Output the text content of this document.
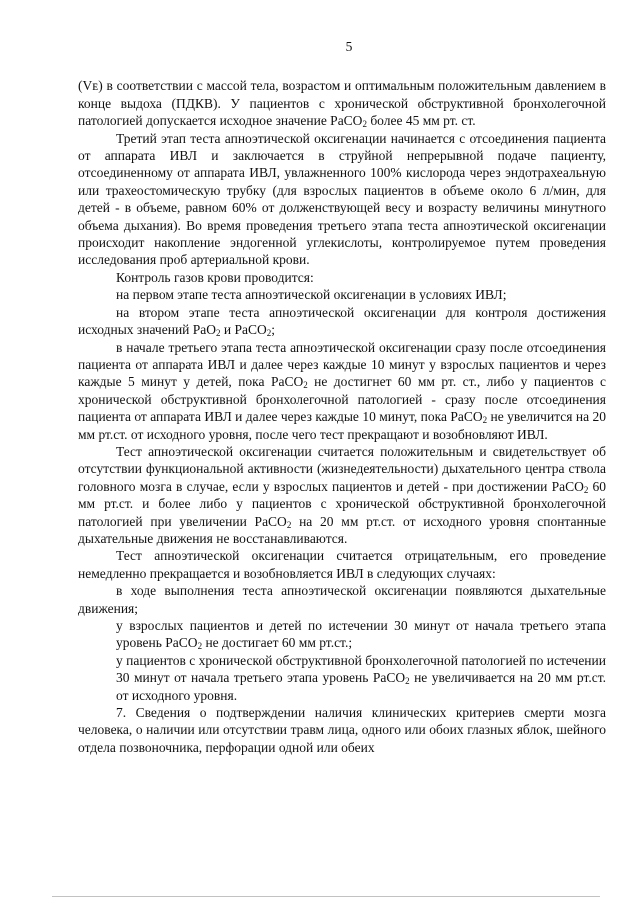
5

(Vᴇ) в соответствии с массой тела, возрастом и оптимальным положительным давлением в конце выдоха (ПДКВ). У пациентов с хронической обструктивной бронхолегочной патологией допускается исходное значение PaCO$_2$ более 45 мм рт. ст.

Третий этап теста апноэтической оксигенации начинается с отсоединения пациента от аппарата ИВЛ и заключается в струйной непрерывной подаче пациенту, отсоединенному от аппарата ИВЛ, увлажненного 100% кислорода через эндотрахеальную или трахеостомическую трубку (для взрослых пациентов в объеме около 6 л/мин, для детей - в объеме, равном 60% от долженствующей весу и возрасту величины минутного объема дыхания). Во время проведения третьего этапа теста апноэтической оксигенации происходит накопление эндогенной углекислоты, контролируемое путем проведения исследования проб артериальной крови.

Контроль газов крови проводится:

на первом этапе теста апноэтической оксигенации в условиях ИВЛ;

на втором этапе теста апноэтической оксигенации для контроля достижения исходных значений PaO$_2$ и PaCO$_2$;

в начале третьего этапа теста апноэтической оксигенации сразу после отсоединения пациента от аппарата ИВЛ и далее через каждые 10 минут у взрослых пациентов и через каждые 5 минут у детей, пока PaCO$_2$ не достигнет 60 мм рт. ст., либо у пациентов с хронической обструктивной бронхолегочной патологией - сразу после отсоединения пациента от аппарата ИВЛ и далее через каждые 10 минут, пока PaCO$_2$ не увеличится на 20 мм рт.ст. от исходного уровня, после чего тест прекращают и возобновляют ИВЛ.

Тест апноэтической оксигенации считается положительным и свидетельствует об отсутствии функциональной активности (жизнедеятельности) дыхательного центра ствола головного мозга в случае, если у взрослых пациентов и детей - при достижении PaCO$_2$ 60 мм рт.ст. и более либо у пациентов с хронической обструктивной бронхолегочной патологией при увеличении PaCO$_2$ на 20 мм рт.ст. от исходного уровня спонтанные дыхательные движения не восстанавливаются.

Тест апноэтической оксигенации считается отрицательным, его проведение немедленно прекращается и возобновляется ИВЛ в следующих случаях:

в ходе выполнения теста апноэтической оксигенации появляются дыхательные движения;

у взрослых пациентов и детей по истечении 30 минут от начала третьего этапа уровень PaCO$_2$ не достигает 60 мм рт.ст.;

у пациентов с хронической обструктивной бронхолегочной патологией по истечении 30 минут от начала третьего этапа уровень PaCO$_2$ не увеличивается на 20 мм рт.ст. от исходного уровня.

7. Сведения о подтверждении наличия клинических критериев смерти мозга человека, о наличии или отсутствии травм лица, одного или обоих глазных яблок, шейного отдела позвоночника, перфорации одной или обеих
